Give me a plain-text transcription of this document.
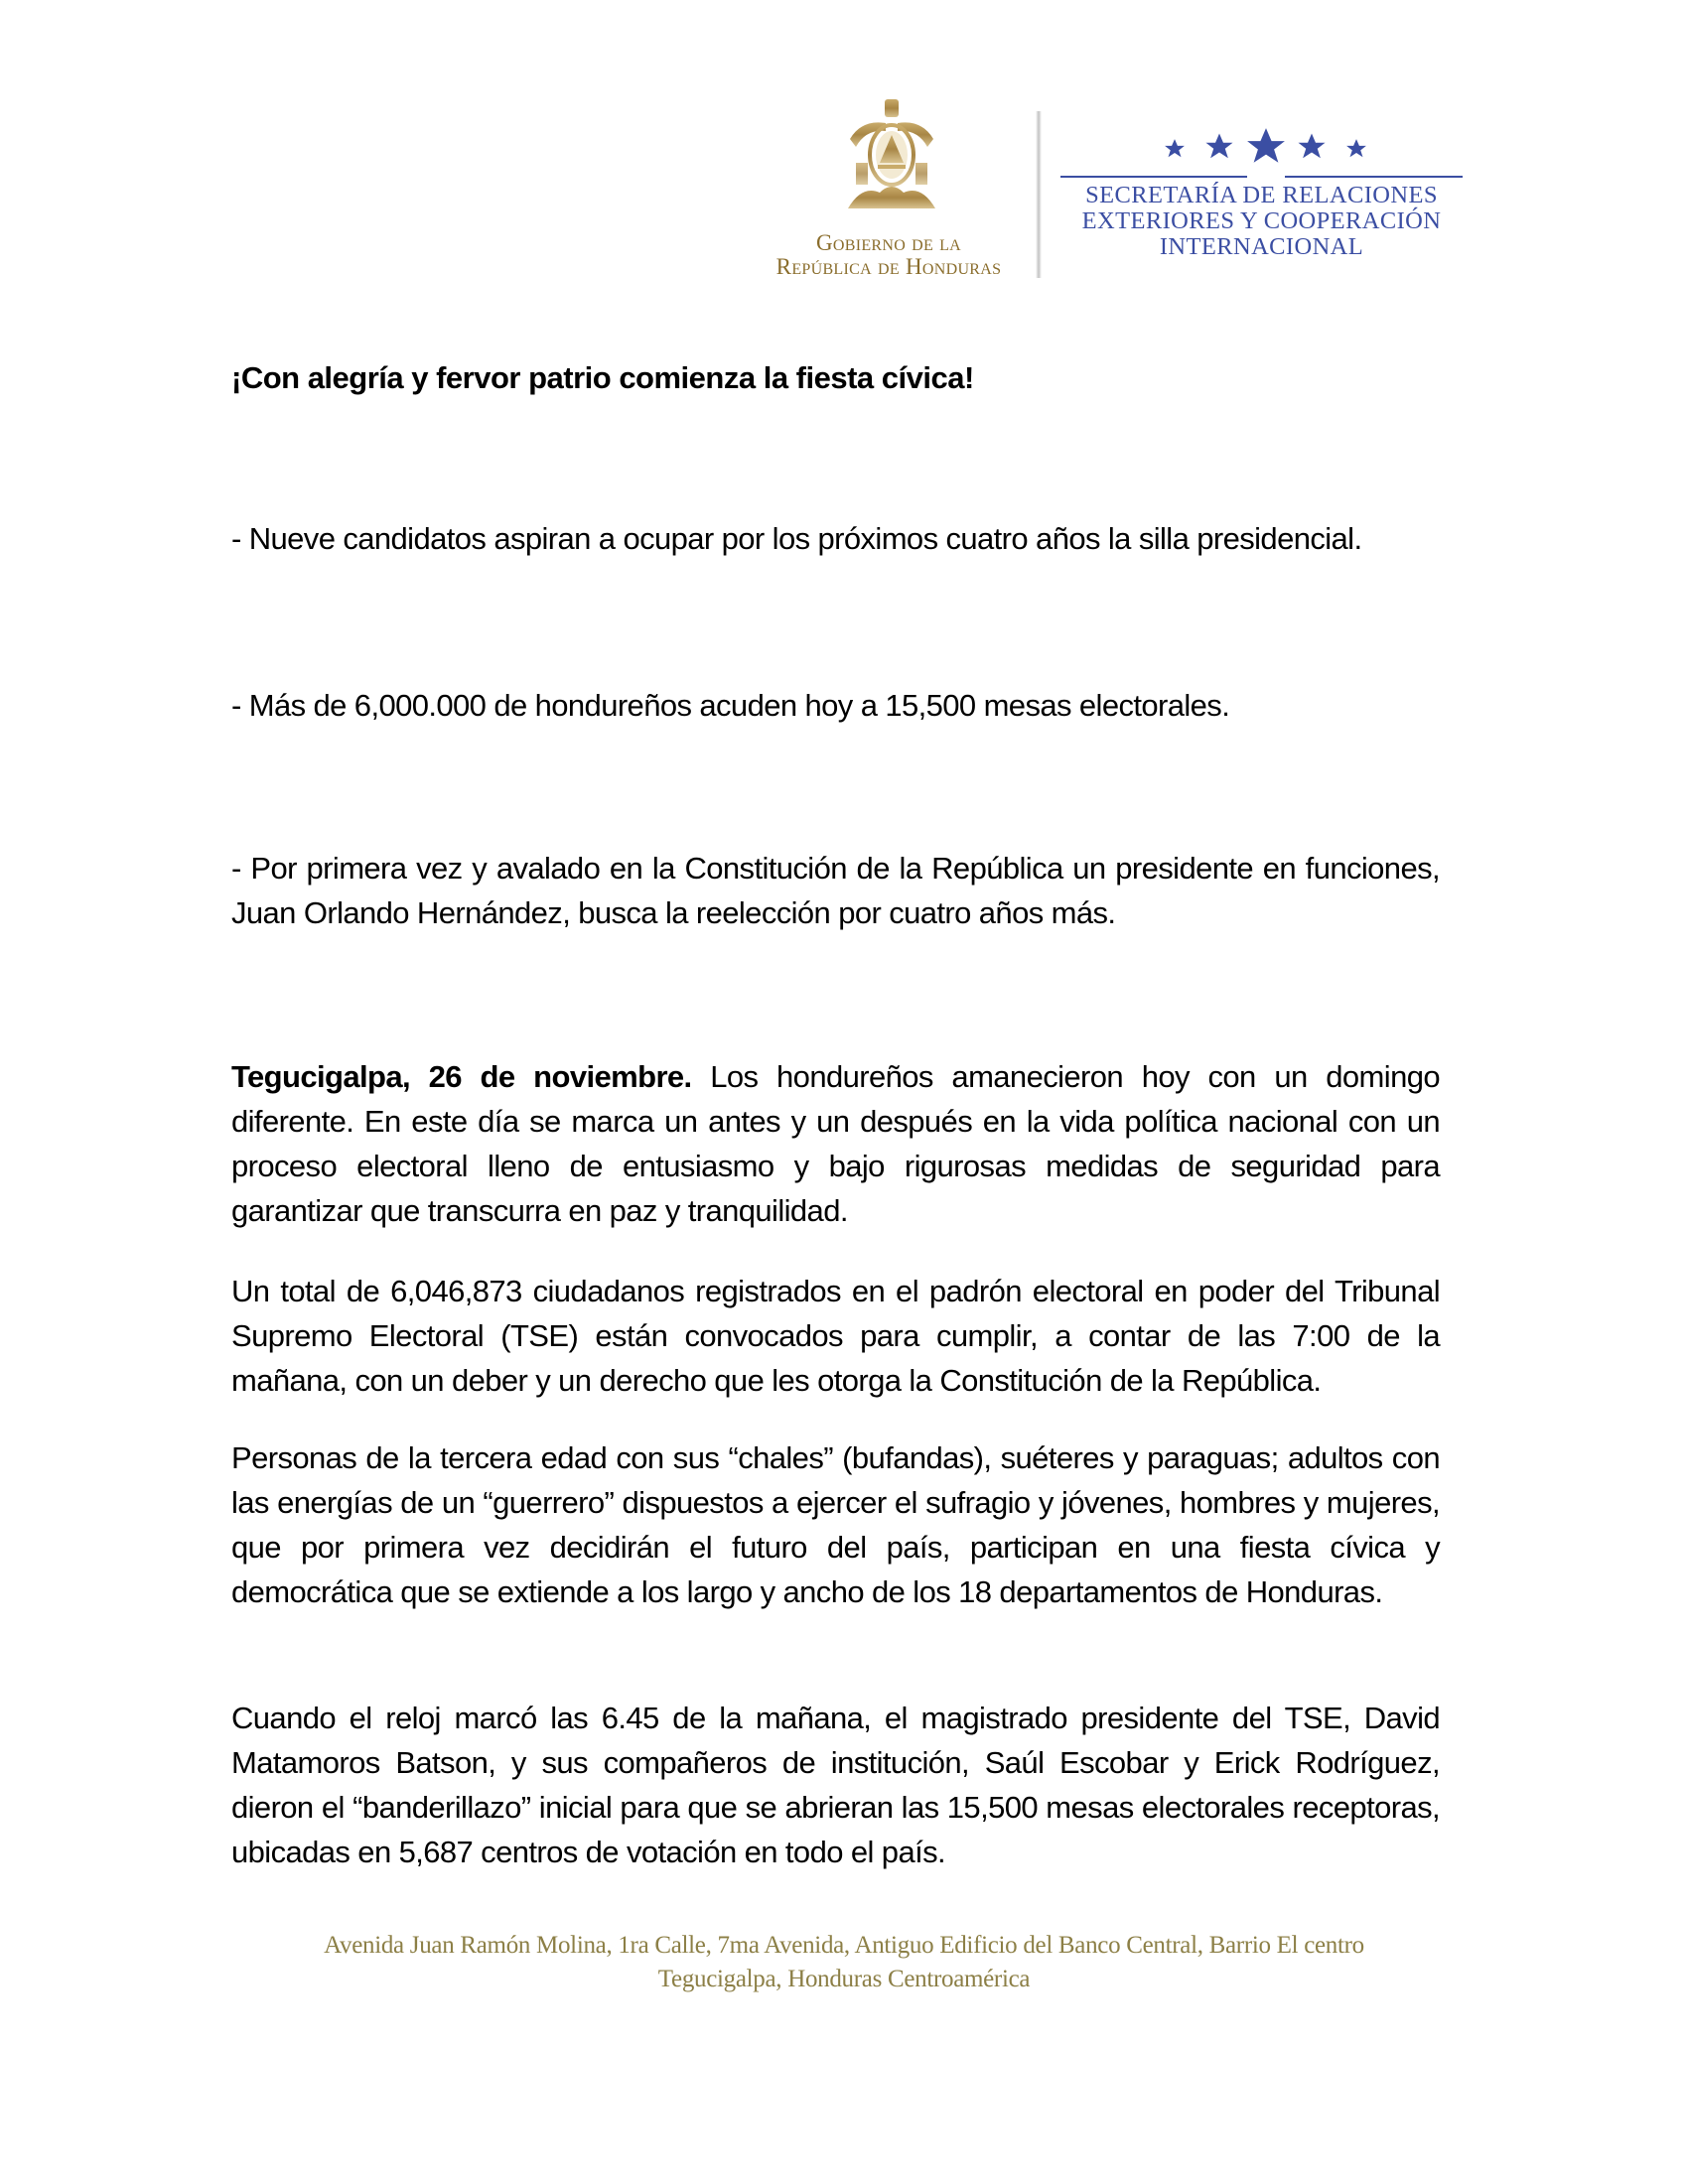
Gobierno de la
República de Honduras
SECRETARÍA DE RELACIONES
EXTERIORES Y COOPERACIÓN
INTERNACIONAL
¡Con alegría y fervor patrio comienza la fiesta cívica!
- Nueve candidatos aspiran a ocupar por los próximos cuatro años la silla presidencial.
- Más de 6,000.000 de hondureños acuden hoy a 15,500 mesas electorales.
- Por primera vez y avalado en la Constitución de la República un presidente en funciones, Juan Orlando Hernández, busca la reelección por cuatro años más.
Tegucigalpa, 26 de noviembre. Los hondureños amanecieron hoy con un domingo diferente. En este día se marca un antes y un después en la vida política nacional con un proceso electoral lleno de entusiasmo y bajo rigurosas medidas de seguridad para garantizar que transcurra en paz y tranquilidad.
Un total de 6,046,873 ciudadanos registrados en el padrón electoral en poder del Tribunal Supremo Electoral (TSE) están convocados para cumplir, a contar de las 7:00 de la mañana, con un deber y un derecho que les otorga la Constitución de la República.
Personas de la tercera edad con sus “chales” (bufandas), suéteres y paraguas; adultos con las energías de un “guerrero” dispuestos a ejercer el sufragio y jóvenes, hombres y mujeres, que por primera vez decidirán el futuro del país, participan en una fiesta cívica y democrática que se extiende a los largo y ancho de los 18 departamentos de Honduras.
Cuando el reloj marcó las 6.45 de la mañana, el magistrado presidente del TSE, David Matamoros Batson, y sus compañeros de institución, Saúl Escobar y Erick Rodríguez, dieron el “banderillazo” inicial para que se abrieran las 15,500 mesas electorales receptoras, ubicadas en 5,687 centros de votación en todo el país.
Avenida Juan Ramón Molina, 1ra Calle, 7ma Avenida, Antiguo Edificio del Banco Central, Barrio El centro
Tegucigalpa, Honduras Centroamérica
